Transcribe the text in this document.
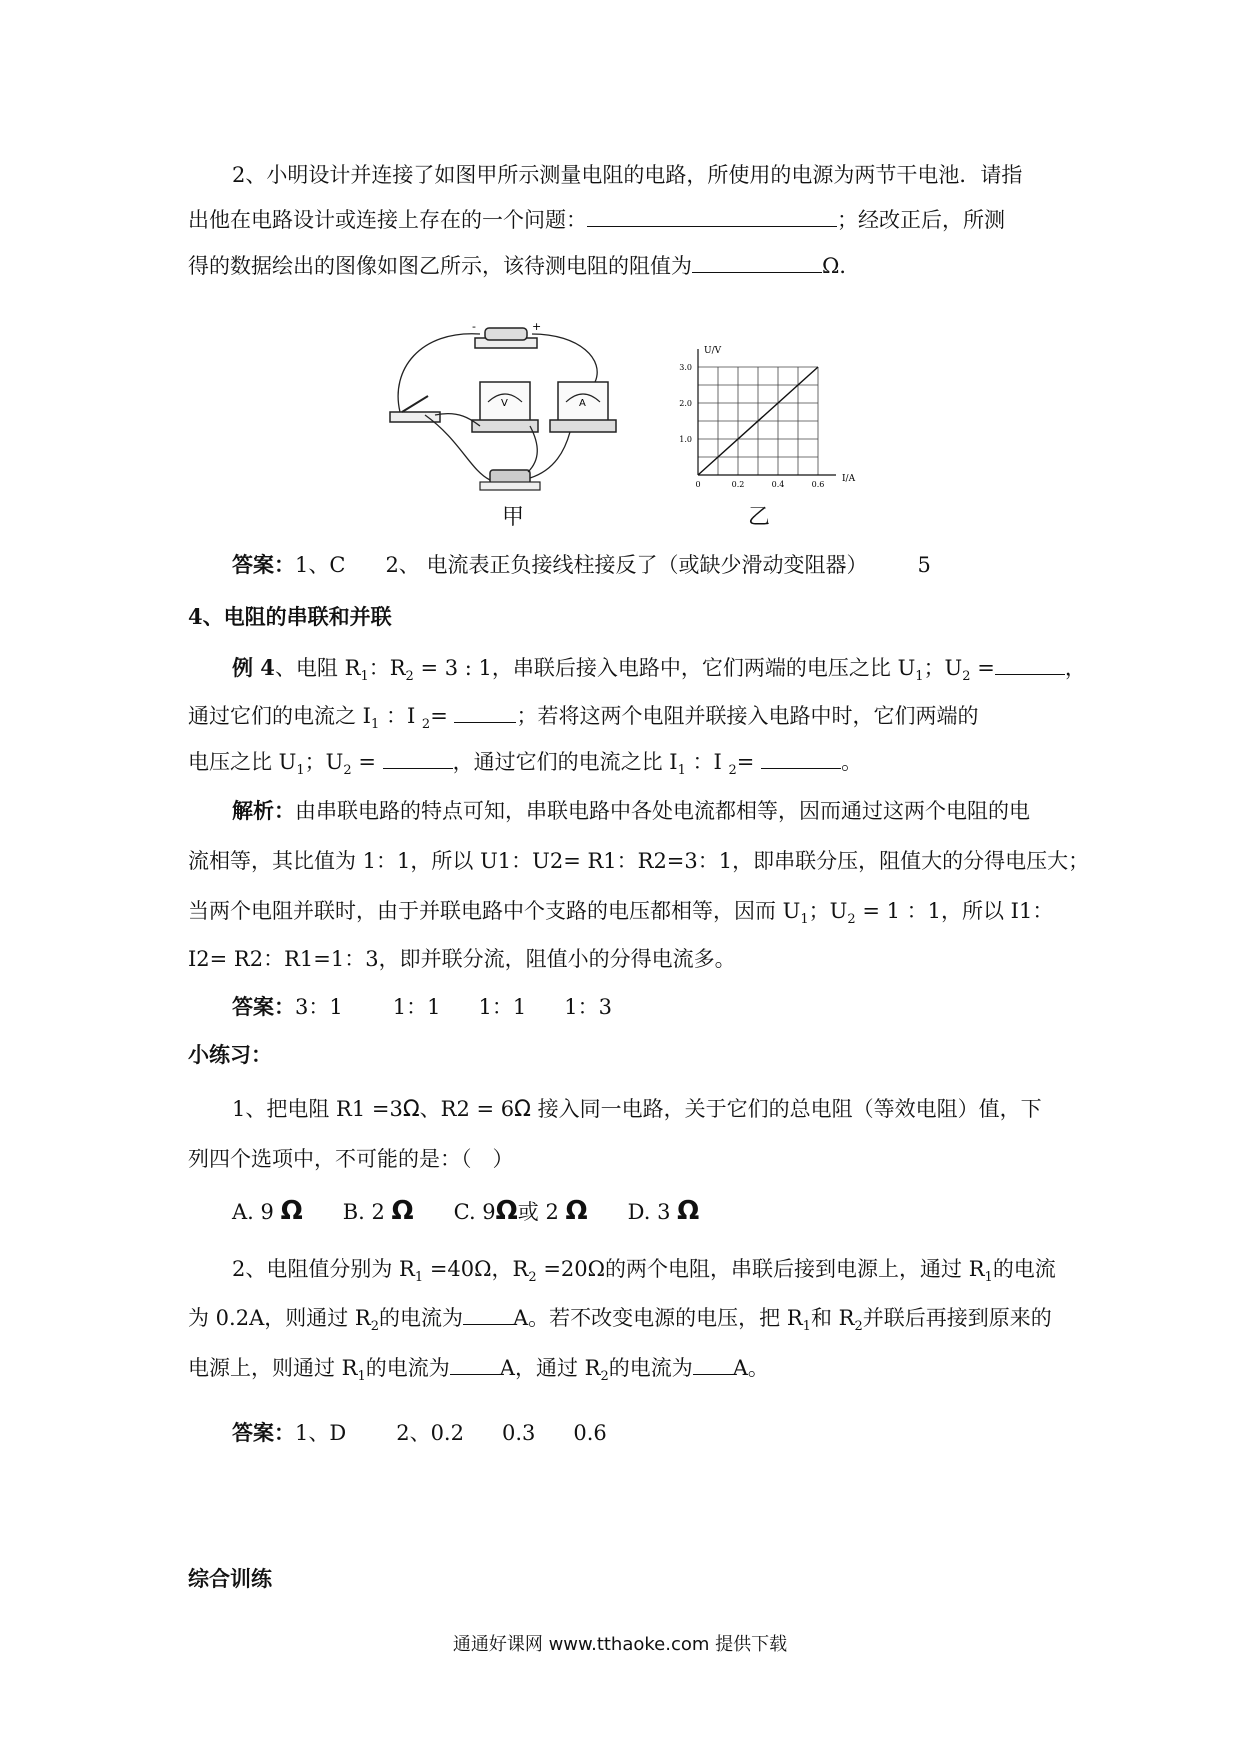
2、小明设计并连接了如图甲所示测量电阻的电路，所使用的电源为两节干电池．请指
出他在电路设计或连接上存在的一个问题：	；经改正后，所测
得的数据绘出的图像如图乙所示，该待测电阻的阻值为	Ω．
-	+
V	A
甲
0	0.2	0.4	0.6
1.0
2.0
3.0
I/A
U/V
乙
答案：1、C 2、 电流表正负接线柱接反了（或缺少滑动变阻器） 5
4、电阻的串联和并联
例 4、电阻 $R_1$：$R_2 = 3$ : 1，串联后接入电路中，它们两端的电压之比 $U_1$；$U_2$ =	，
通过它们的电流之 $I_1$ ：I $_2$=	；若将这两个电阻并联接入电路中时，它们两端的
电压之比 $U_1$；$U_2$ =	，通过它们的电流之比 $I_1$ ：I $_2$=	。
解析：由串联电路的特点可知，串联电路中各处电流都相等，因而通过这两个电阻的电
流相等，其比值为 1：1，所以 U1：U2= R1：R2=3：1，即串联分压，阻值大的分得电压大；
当两个电阻并联时，由于并联电路中个支路的电压都相等，因而 $U_1$；$U_2 = 1$ ：1，所以 I1：
I2= R2：R1=1：3，即并联分流，阻值小的分得电流多。
答案：3：1 1：1 1：1 1：3
小练习：
1、把电阻 R1 =3Ω、R2 = 6Ω 接入同一电路，关于它们的总电阻（等效电阻）值，下
列四个选项中，不可能的是：（　）
A. 9 Ω B. 2 Ω C. 9Ω或 2 Ω D. 3 Ω
2、电阻值分别为 $R_1 =40\Omega$，$R_2 =20\Omega$的两个电阻，串联后接到电源上，通过 $R_1$的电流
为 0.2A，则通过 $R_2$的电流为 A。若不改变电源的电压，把 $R_1$和 $R_2$并联后再接到原来的
电源上，则通过 $R_1$的电流为 A，通过 $R_2$的电流为 A。
答案：1、D 2、0.2 0.3 0.6
综合训练
通通好课网 www.tthaoke.com 提供下载
